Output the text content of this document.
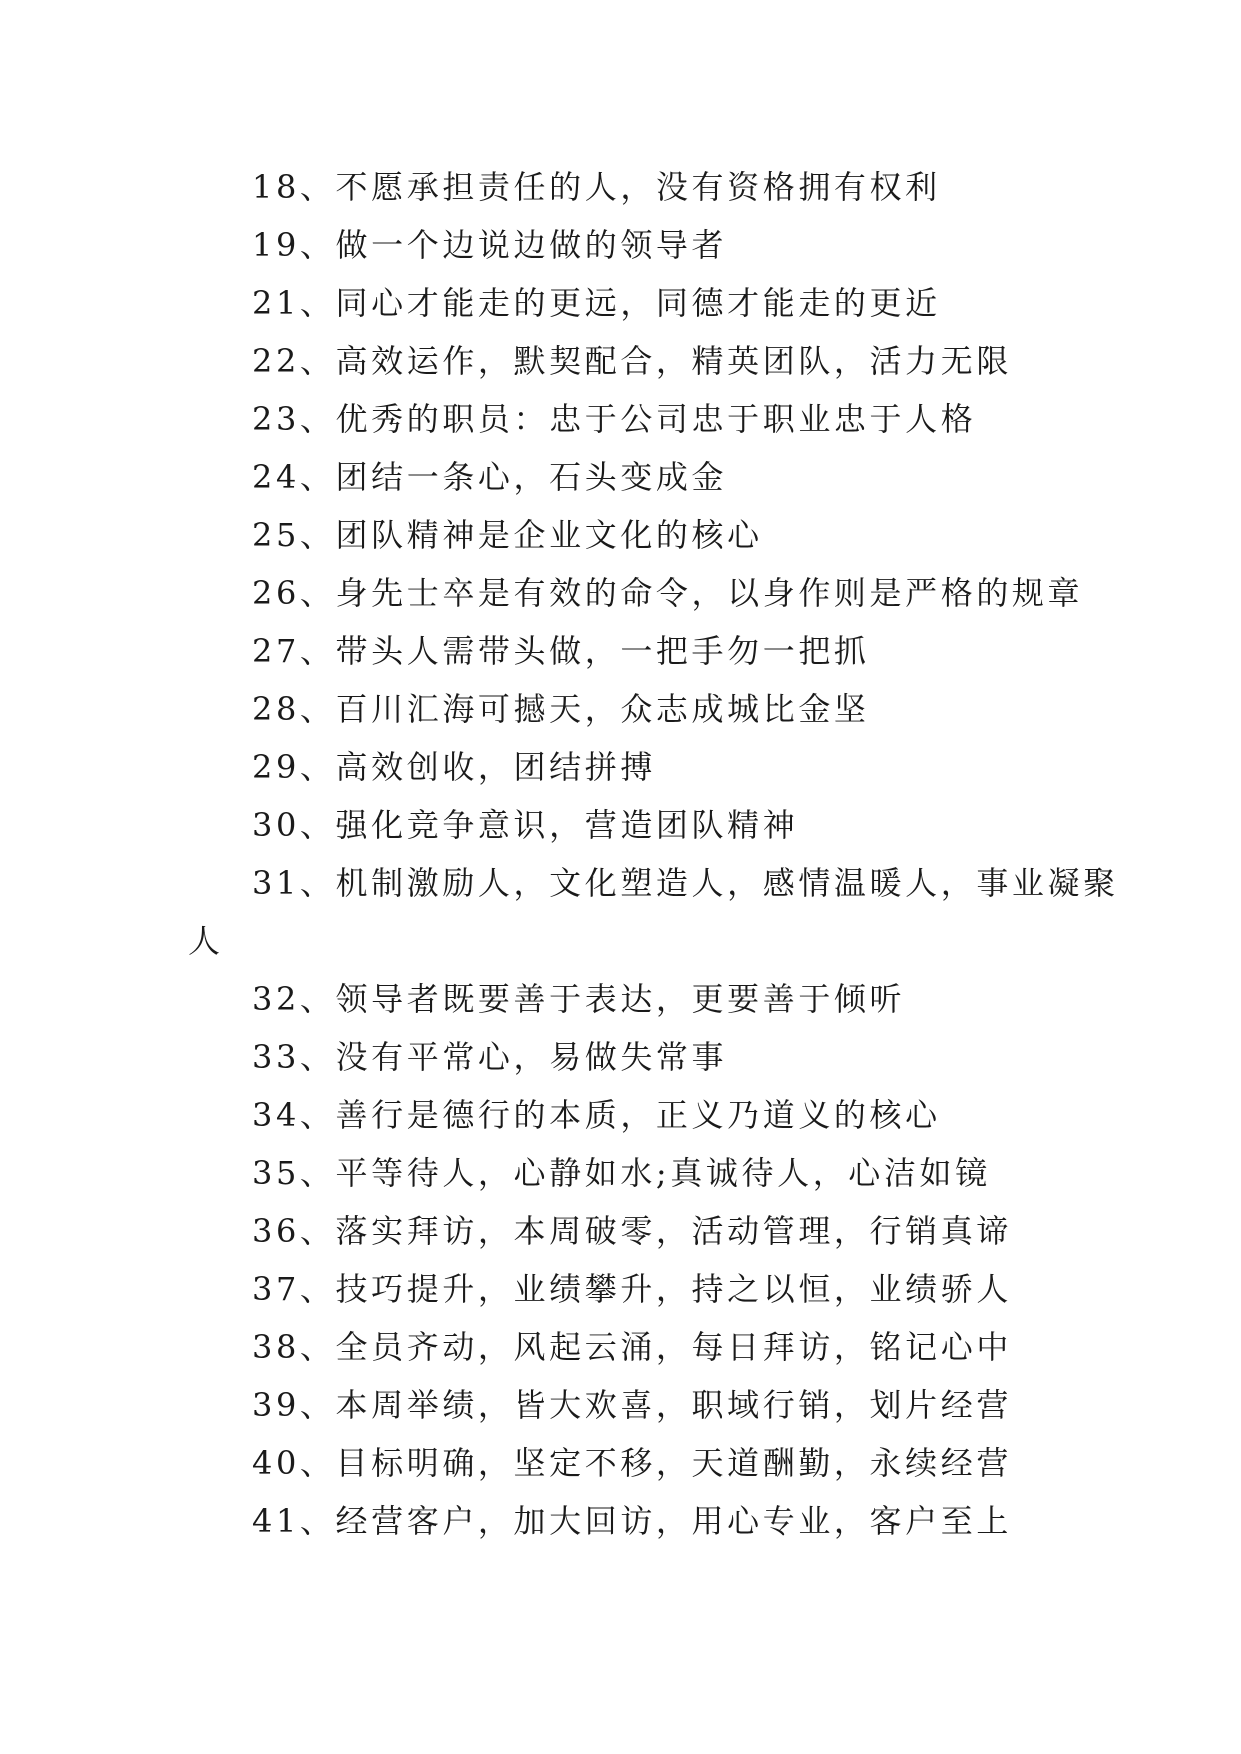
18、不愿承担责任的人，没有资格拥有权利
19、做一个边说边做的领导者
21、同心才能走的更远，同德才能走的更近
22、高效运作，默契配合，精英团队，活力无限
23、优秀的职员：忠于公司忠于职业忠于人格
24、团结一条心，石头变成金
25、团队精神是企业文化的核心
26、身先士卒是有效的命令，以身作则是严格的规章
27、带头人需带头做，一把手勿一把抓
28、百川汇海可撼天，众志成城比金坚
29、高效创收，团结拼搏
30、强化竞争意识，营造团队精神
31、机制激励人，文化塑造人，感情温暖人，事业凝聚
人
32、领导者既要善于表达，更要善于倾听
33、没有平常心，易做失常事
34、善行是德行的本质，正义乃道义的核心
35、平等待人，心静如水;真诚待人，心洁如镜
36、落实拜访，本周破零，活动管理，行销真谛
37、技巧提升，业绩攀升，持之以恒，业绩骄人
38、全员齐动，风起云涌，每日拜访，铭记心中
39、本周举绩，皆大欢喜，职域行销，划片经营
40、目标明确，坚定不移，天道酬勤，永续经营
41、经营客户，加大回访，用心专业，客户至上
